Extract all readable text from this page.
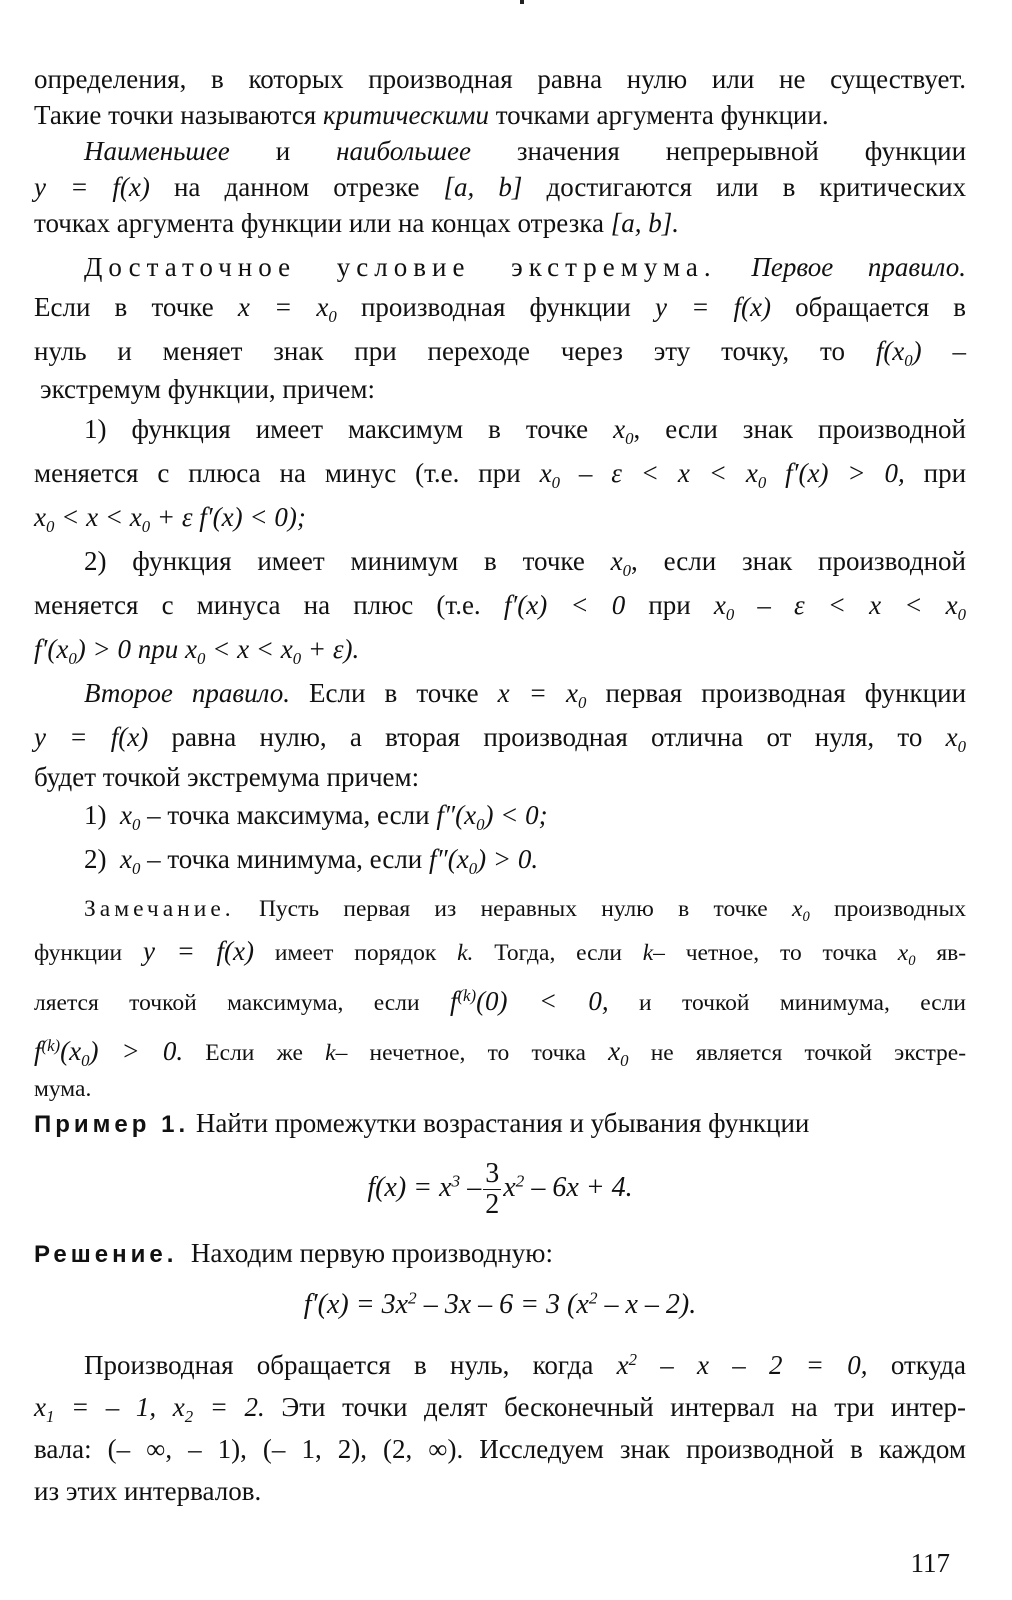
определения, в которых производная равна нулю или не существует.
Такие точки называются критическими точками аргумента функции.
Наименьшее и наибольшее значения непрерывной функции
y = f(x) на данном отрезке [a, b] достигаются или в критических
точках аргумента функции или на концах отрезка [a, b].
Достаточное условие экстремума. Первое правило.
Если в точке $x = x_0$ производная функции y = f(x) обращается в
нуль и меняет знак при переходе через эту точку, то $f(x_0)$ –
экстремум функции, причем:
1) функция имеет максимум в точке $x_0$, если знак производной
меняется с плюса на минус (т.е. при $x_0 - \varepsilon < x < x_0$ f′(x) > 0, при
$x_0 < x < x_0 + \varepsilon$ f′(x) < 0);
2) функция имеет минимум в точке $x_0$, если знак производной
меняется с минуса на плюс (т.е. f′(x) < 0 при $x_0 - \varepsilon < x < x_0$
$f'(x_0) > 0$ при $x_0 < x < x_0 + \varepsilon$).
Второе правило. Если в точке $x = x_0$ первая производная функции
y = f(x) равна нулю, а вторая производная отлична от нуля, то $x_0$
будет точкой экстремума причем:
1) $x_0$ – точка максимума, если $f''(x_0) < 0$;
2) $x_0$ – точка минимума, если $f''(x_0) > 0$.
Замечание. Пусть первая из неравных нулю в точке $x_0$ производных
функции y = f(x) имеет порядок k. Тогда, если k– четное, то точка $x_0$ яв-
ляется точкой максимума, если $f^{(k)}(0) < 0$, и точкой минимума, если
$f^{(k)}(x_0) > 0$. Если же k– нечетное, то точка $x_0$ не является точкой экстре-
мума.
Пример 1. Найти промежутки возрастания и убывания функции
$f(x) = x^3 - \frac{3}{2} x^2 - 6x + 4$.
Решение. Находим первую производную:
$f'(x) = 3x^2 - 3x - 6 = 3$ ($x^2$ – x – 2).
Производная обращается в нуль, когда $x^2 - x - 2 = 0$, откуда
$x_1$ = – 1, $x_2 = 2$. Эти точки делят бесконечный интервал на три интер-
вала: (– ∞, – 1), (– 1, 2), (2, ∞). Исследуем знак производной в каждом
из этих интервалов.
117
